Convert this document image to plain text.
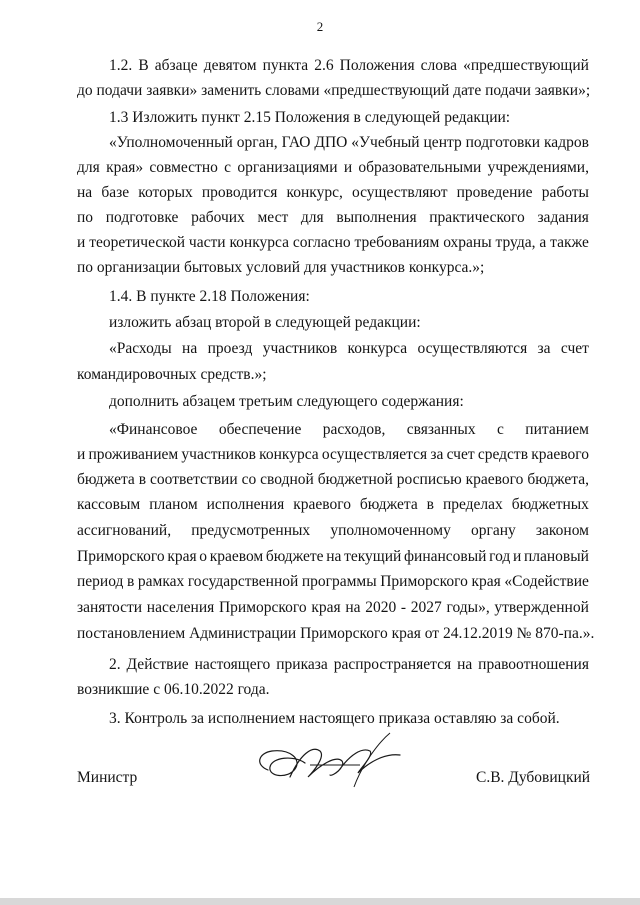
2
1.2. В абзаце девятом пункта 2.6 Положения слова «предшествующий
до подачи заявки» заменить словами «предшествующий дате подачи заявки»;
1.3 Изложить пункт 2.15 Положения в следующей редакции:
«Уполномоченный орган, ГАО ДПО «Учебный центр подготовки кадров
для края» совместно с организациями и образовательными учреждениями,
на базе которых проводится конкурс, осуществляют проведение работы
по подготовке рабочих мест для выполнения практического задания
и теоретической части конкурса согласно требованиям охраны труда, а также
по организации бытовых условий для участников конкурса.»;
1.4. В пункте 2.18 Положения:
изложить абзац второй в следующей редакции:
«Расходы на проезд участников конкурса осуществляются за счет
командировочных средств.»;
дополнить абзацем третьим следующего содержания:
«Финансовое обеспечение расходов, связанных с питанием
и проживанием участников конкурса осуществляется за счет средств краевого
бюджета в соответствии со сводной бюджетной росписью краевого бюджета,
кассовым планом исполнения краевого бюджета в пределах бюджетных
ассигнований, предусмотренных уполномоченному органу законом
Приморского края о краевом бюджете на текущий финансовый год и плановый
период в рамках государственной программы Приморского края «Содействие
занятости населения Приморского края на 2020 - 2027 годы», утвержденной
постановлением Администрации Приморского края от 24.12.2019 № 870-па.».
2. Действие настоящего приказа распространяется на правоотношения
возникшие с 06.10.2022 года.
3. Контроль за исполнением настоящего приказа оставляю за собой.
Министр	С.В. Дубовицкий
